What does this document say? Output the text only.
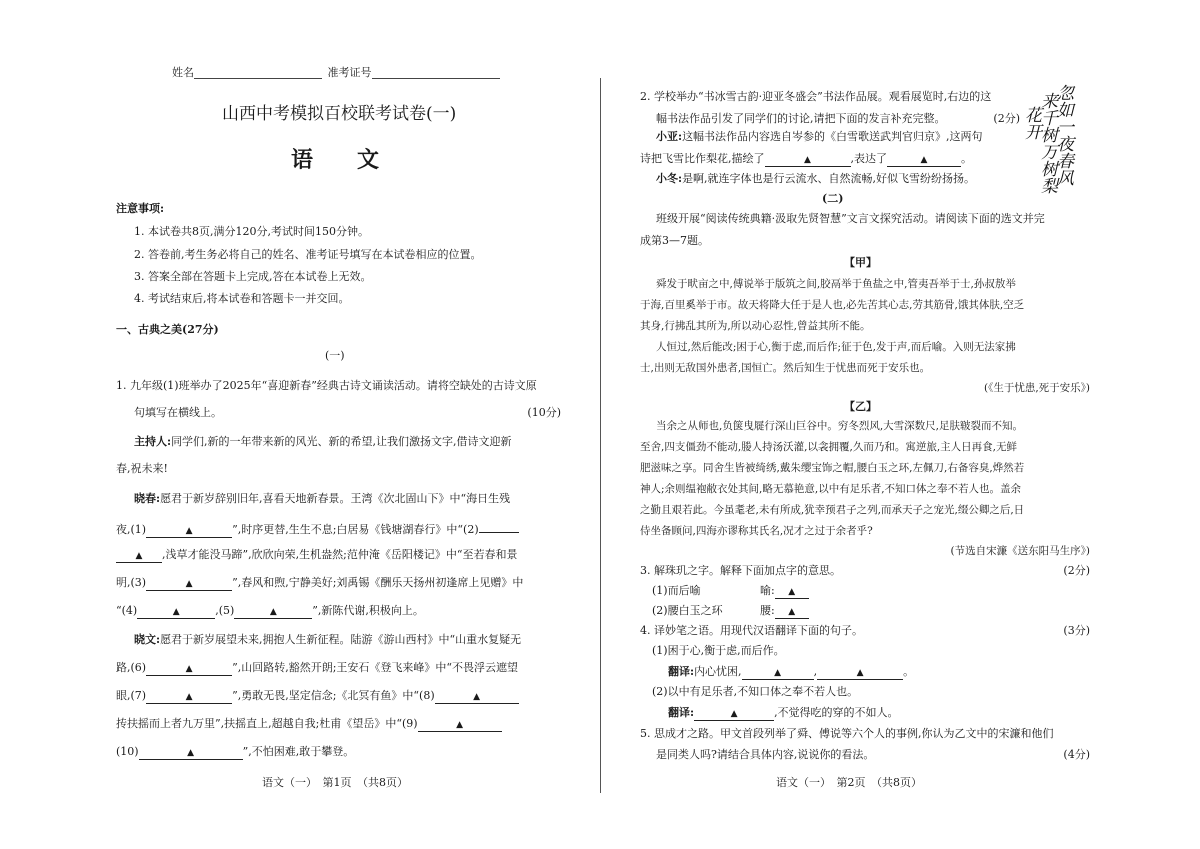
姓名	准考证号
山西中考模拟百校联考试卷(一)
语　　文
注意事项:
1. 本试卷共8页,满分120分,考试时间150分钟。
2. 答卷前,考生务必将自己的姓名、准考证号填写在本试卷相应的位置。
3. 答案全部在答题卡上完成,答在本试卷上无效。
4. 考试结束后,将本试卷和答题卡一并交回。
一、古典之美(27分)
(一)
1. 九年级(1)班举办了2025年“喜迎新春”经典古诗文诵读活动。请将空缺处的古诗文原
句填写在横线上。	(10分)
主持人:同学们,新的一年带来新的风光、新的希望,让我们激扬文字,借诗文迎新
春,祝未来!
晓春:愿君于新岁辞别旧年,喜看天地新春景。王湾《次北固山下》中“海日生残
夜,(1)	▲	”,时序更替,生生不息;白居易《钱塘湖春行》中“(2)
▲ ,浅草才能没马蹄”,欣欣向荣,生机盎然;范仲淹《岳阳楼记》中“至若春和景
明,(3)	▲	”,春风和煦,宁静美好;刘禹锡《酬乐天扬州初逢席上见赠》中
“(4)	▲	,(5)	▲	”,新陈代谢,积极向上。
晓文:愿君于新岁展望未来,拥抱人生新征程。陆游《游山西村》中“山重水复疑无
路,(6)	▲	”,山回路转,豁然开朗;王安石《登飞来峰》中“不畏浮云遮望
眼,(7)	▲	”,勇敢无畏,坚定信念;《北冥有鱼》中“(8)	▲
抟扶摇而上者九万里”,扶摇直上,超越自我;杜甫《望岳》中“(9)	▲
(10)	▲	”,不怕困难,敢于攀登。
语文（一）　第1页　（共8页）
2. 学校举办“书冰雪古韵·迎亚冬盛会”书法作品展。观看展览时,右边的这
幅书法作品引发了同学们的讨论,请把下面的发言补充完整。	(2分)
小亚:这幅书法作品内容选自岑参的《白雪歌送武判官归京》,这两句
诗把飞雪比作梨花,描绘了	▲	,表达了	▲	。
小冬:是啊,就连字体也是行云流水、自然流畅,好似飞雪纷纷扬扬。	忽如一夜春风
来千树万树梨
花开
(二)
班级开展“阅读传统典籍·汲取先贤智慧”文言文探究活动。请阅读下面的选文并完
成第3—7题。
【甲】
舜发于畎亩之中,傅说举于版筑之间,胶鬲举于鱼盐之中,管夷吾举于士,孙叔敖举
于海,百里奚举于市。故天将降大任于是人也,必先苦其心志,劳其筋骨,饿其体肤,空乏
其身,行拂乱其所为,所以动心忍性,曾益其所不能。
人恒过,然后能改;困于心,衡于虑,而后作;征于色,发于声,而后喻。入则无法家拂
士,出则无敌国外患者,国恒亡。然后知生于忧患而死于安乐也。
(《生于忧患,死于安乐》)
【乙】
当余之从师也,负箧曳屣行深山巨谷中。穷冬烈风,大雪深数尺,足肤皲裂而不知。
至舍,四支僵劲不能动,媵人持汤沃灌,以衾拥覆,久而乃和。寓逆旅,主人日再食,无鲜
肥滋味之享。同舍生皆被绮绣,戴朱缨宝饰之帽,腰白玉之环,左佩刀,右备容臭,烨然若
神人;余则缊袍敝衣处其间,略无慕艳意,以中有足乐者,不知口体之奉不若人也。盖余
之勤且艰若此。今虽耄老,未有所成,犹幸预君子之列,而承天子之宠光,缀公卿之后,日
侍坐备顾问,四海亦谬称其氏名,况才之过于余者乎?
(节选自宋濂《送东阳马生序》)
3. 解珠玑之字。解释下面加点字的意思。	(2分)
(1)而后喻	喻: ▲
(2)腰白玉之环	腰: ▲
4. 译妙笔之语。用现代汉语翻译下面的句子。	(3分)
(1)困于心,衡于虑,而后作。
翻译:内心忧困,	▲	,	▲	。
(2)以中有足乐者,不知口体之奉不若人也。
翻译:	▲	,不觉得吃的穿的不如人。
5. 思成才之路。甲文首段列举了舜、傅说等六个人的事例,你认为乙文中的宋濂和他们
是同类人吗?请结合具体内容,说说你的看法。	(4分)
语文（一）　第2页　（共8页）
